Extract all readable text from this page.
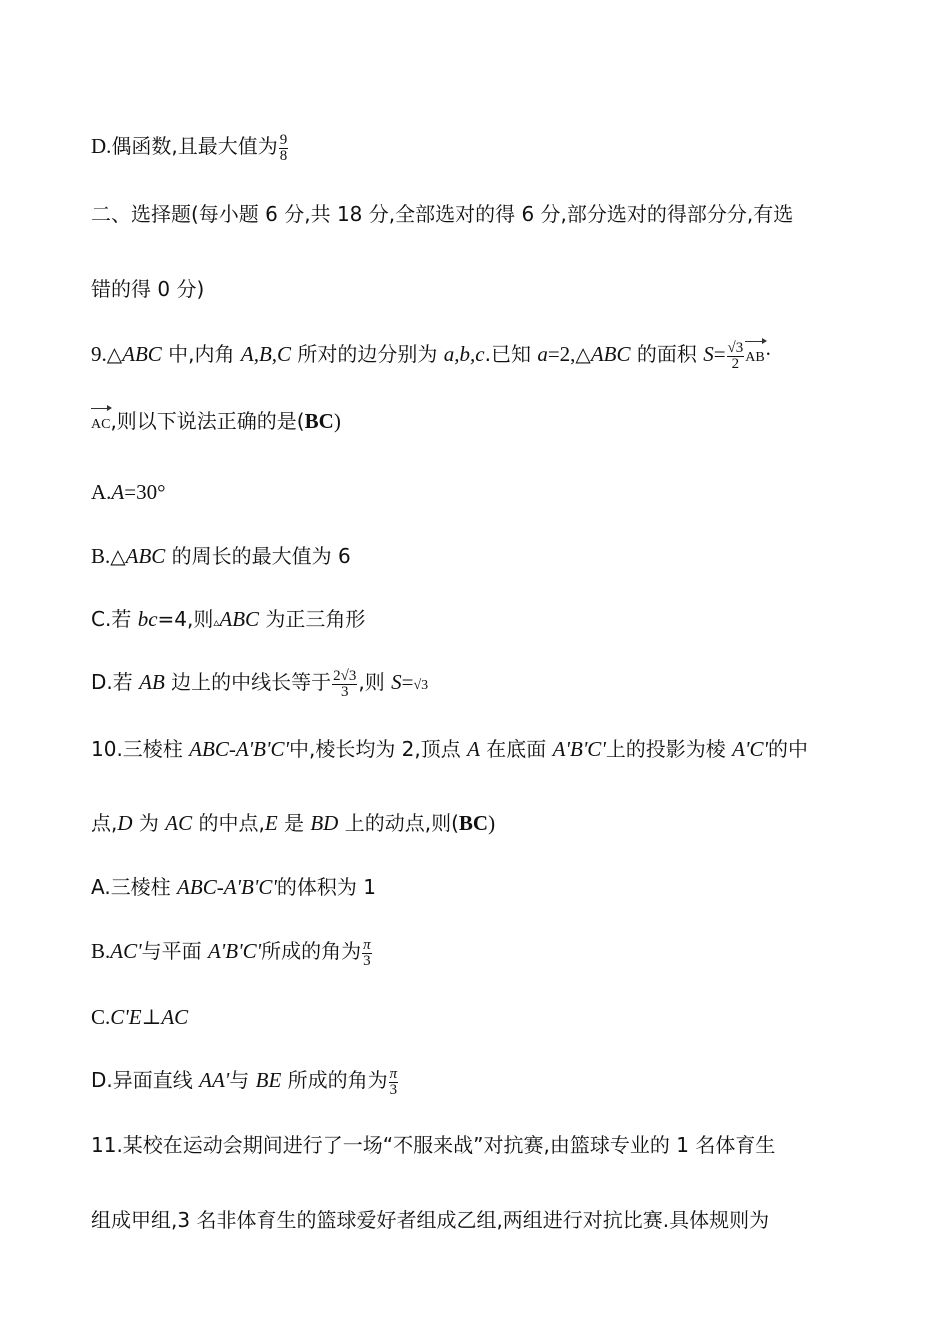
D.偶函数,且最大值为 $\frac{9}{8}$
二、选择题(每小题 6 分,共 18 分,全部选对的得 6 分,部分选对的得部分分,有选
错的得 0 分)
9.△ABC 中,内角 A,B,C 所对的边分别为 a,b,c.已知 a=2,△ABC 的面积 $S= \frac{√3}{2} AB\cdot$
AC,则以下说法正确的是(BC)
A.A=30°
B.△ABC 的周长的最大值为 6
C.若 bc=4,则▵ABC 为正三角形
D.若 AB 边上的中线长等于 $\frac{2√3}{3}$ ,则 S=√3
10.三棱柱 ABC-A'B'C'中,棱长均为 2,顶点 A 在底面 A'B'C'上的投影为棱 A'C'的中
点,D 为 AC 的中点,E 是 BD 上的动点,则(BC)
A.三棱柱 ABC-A'B'C'的体积为 1
B.AC'与平面 A'B'C'所成的角为 $\frac{\pi}{3}$
C.C'E⊥AC
D.异面直线 AA'与 BE 所成的角为 $\frac{\pi}{3}$
11.某校在运动会期间进行了一场“不服来战”对抗赛,由篮球专业的 1 名体育生
组成甲组,3 名非体育生的篮球爱好者组成乙组,两组进行对抗比赛.具体规则为
